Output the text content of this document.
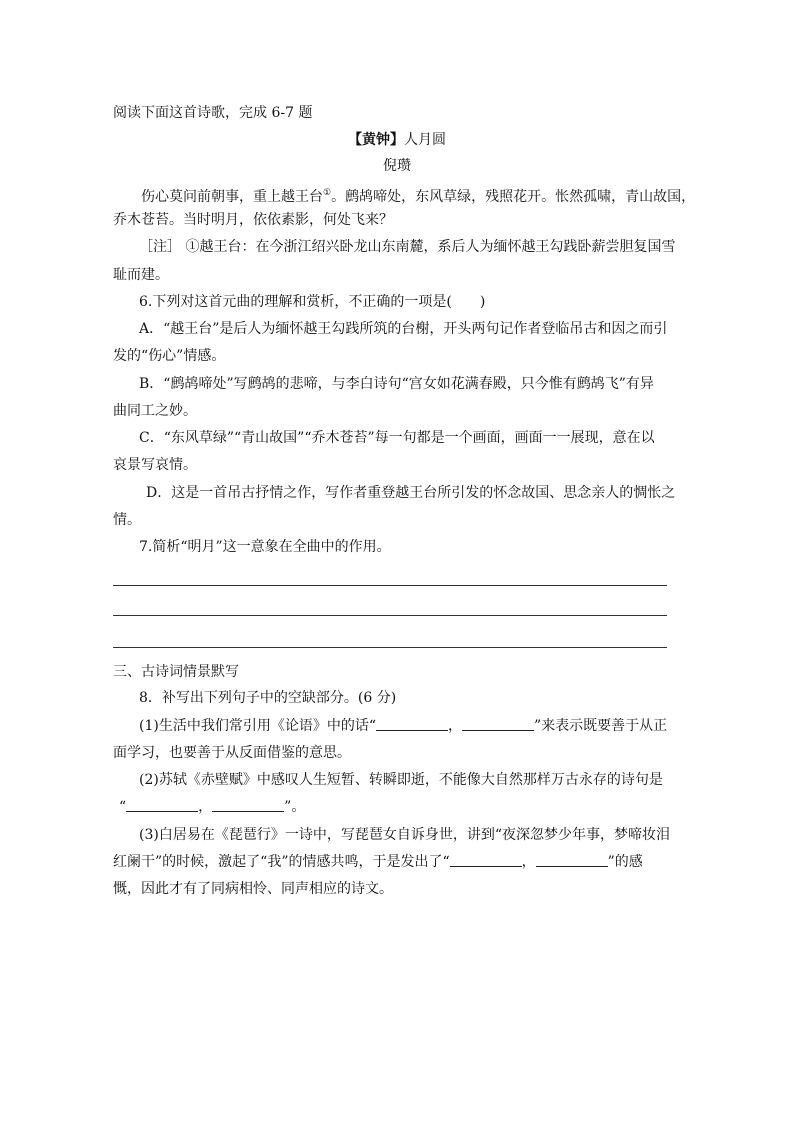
阅读下面这首诗歌，完成 6-7 题
【黄钟】人月圆
倪瓒
伤心莫问前朝事，重上越王台①。鹧鸪啼处，东风草绿，残照花开。怅然孤啸，青山故国，
乔木苍苔。当时明月，依依素影，何处飞来？
［注］ ①越王台：在今浙江绍兴卧龙山东南麓，系后人为缅怀越王勾践卧薪尝胆复国雪
耻而建。
6.下列对这首元曲的理解和赏析，不正确的一项是(　　)
A．“越王台”是后人为缅怀越王勾践所筑的台榭，开头两句记作者登临吊古和因之而引
发的“伤心”情感。
B．“鹧鸪啼处”写鹧鸪的悲啼，与李白诗句“宫女如花满春殿，只今惟有鹧鸪飞”有异
曲同工之妙。
C．“东风草绿”“青山故国”“乔木苍苔”每一句都是一个画面，画面一一展现，意在以
哀景写哀情。
D．这是一首吊古抒情之作，写作者重登越王台所引发的怀念故国、思念亲人的惆怅之
情。
7.简析“明月”这一意象在全曲中的作用。
三、古诗词情景默写
8．补写出下列句子中的空缺部分。(6 分)
(1)生活中我们常引用《论语》中的话“	，	”来表示既要善于从正
面学习，也要善于从反面借鉴的意思。
(2)苏轼《赤壁赋》中感叹人生短暂、转瞬即逝，不能像大自然那样万古永存的诗句是
“	，	”。
(3)白居易在《琵琶行》一诗中，写琵琶女自诉身世，讲到“夜深忽梦少年事，梦啼妆泪
红阑干”的时候，激起了“我”的情感共鸣，于是发出了“	，	”的感
慨，因此才有了同病相怜、同声相应的诗文。
